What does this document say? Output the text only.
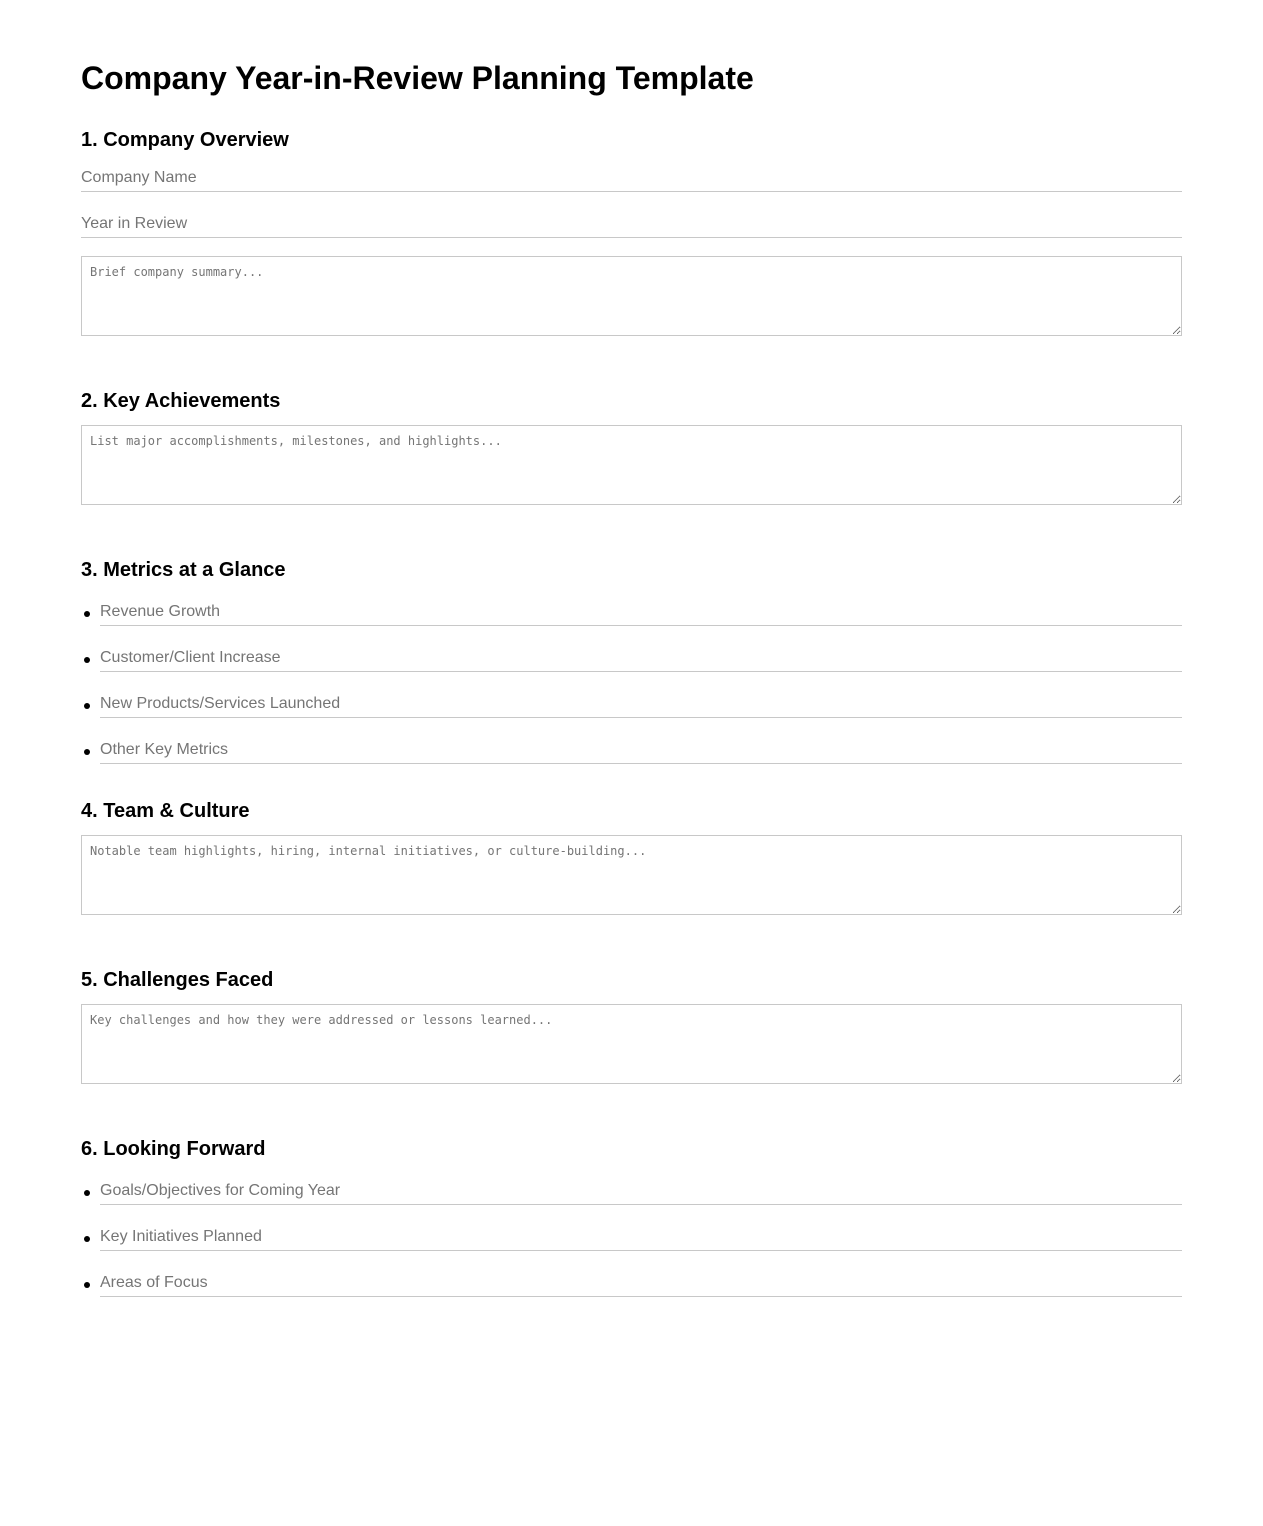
Company Year-in-Review Planning Template
1. Company Overview
Company Name
Year in Review
Brief company summary...
2. Key Achievements
List major accomplishments, milestones, and highlights...
3. Metrics at a Glance
Revenue Growth
Customer/Client Increase
New Products/Services Launched
Other Key Metrics
4. Team & Culture
Notable team highlights, hiring, internal initiatives, or culture-building...
5. Challenges Faced
Key challenges and how they were addressed or lessons learned...
6. Looking Forward
Goals/Objectives for Coming Year
Key Initiatives Planned
Areas of Focus
